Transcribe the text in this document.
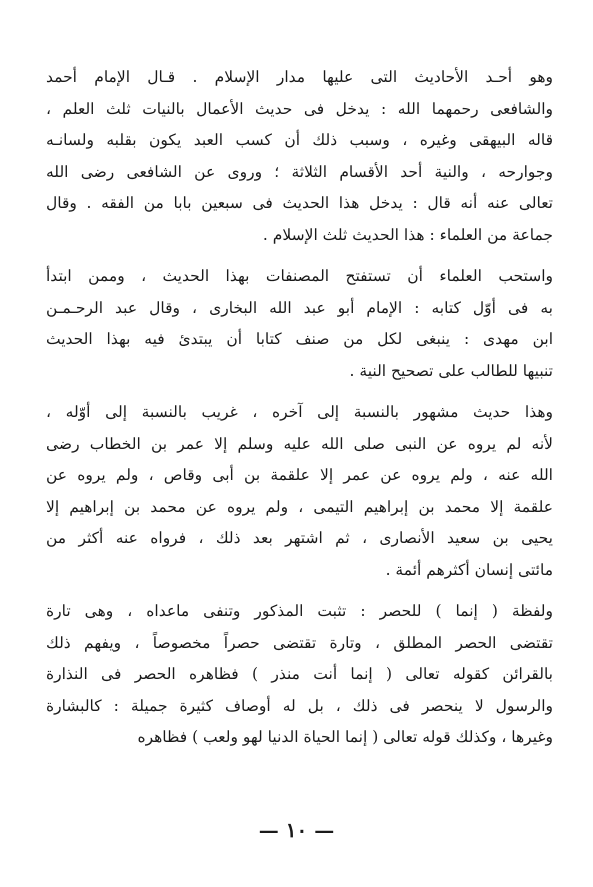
وهو أحـد الأحاديث التى عليها مدار الإسلام . قـال الإمام أحمد
والشافعى رحمهما الله : يدخل فى حديث الأعمال بالنيات ثلث العلم ،
قاله البيهقى وغيره ، وسبب ذلك أن كسب العبد يكون بقلبه ولسانـه
وجوارحه ، والنية أحد الأقسام الثلاثة ؛ وروى عن الشافعى رضى الله
تعالى عنه أنه قال : يدخل هذا الحديث فى سبعين بابا من الفقه . وقال
جماعة من العلماء : هذا الحديث ثلث الإسلام .
واستحب العلماء أن تستفتح المصنفات بهذا الحديث ، وممن ابتدأ
به فى أوّل كتابه : الإمام أبو عبد الله البخارى ، وقال عبد الرحـمـن
ابن مهدى : ينبغى لكل من صنف كتابا أن يبتدئ فيه بهذا الحديث
تنبيها للطالب على تصحيح النية .
وهذا حديث مشهور بالنسبة إلى آخره ، غريب بالنسبة إلى أوّله ،
لأنه لم يروه عن النبى صلى الله عليه وسلم إلا عمر بن الخطاب رضى
الله عنه ، ولم يروه عن عمر إلا علقمة بن أبى وقاص ، ولم يروه عن
علقمة إلا محمد بن إبراهيم التيمى ، ولم يروه عن محمد بن إبراهيم إلا
يحيى بن سعيد الأنصارى ، ثم اشتهر بعد ذلك ، فرواه عنه أكثر من
مائتى إنسان أكثرهم أئمة .
ولفظة ( إنما ) للحصر : تثبت المذكور وتنفى ماعداه ، وهى تارة
تقتضى الحصر المطلق ، وتارة تقتضى حصراً مخصوصاً ، ويفهم ذلك
بالقرائن كقوله تعالى ( إنما أنت منذر ) فظاهره الحصر فى النذارة
والرسول لا ينحصر فى ذلك ، بل له أوصاف كثيرة جميلة : كالبشارة
وغيرها ، وكذلك قوله تعالى ( إنما الحياة الدنيا لهو ولعب ) فظاهره
— ١٠ —
